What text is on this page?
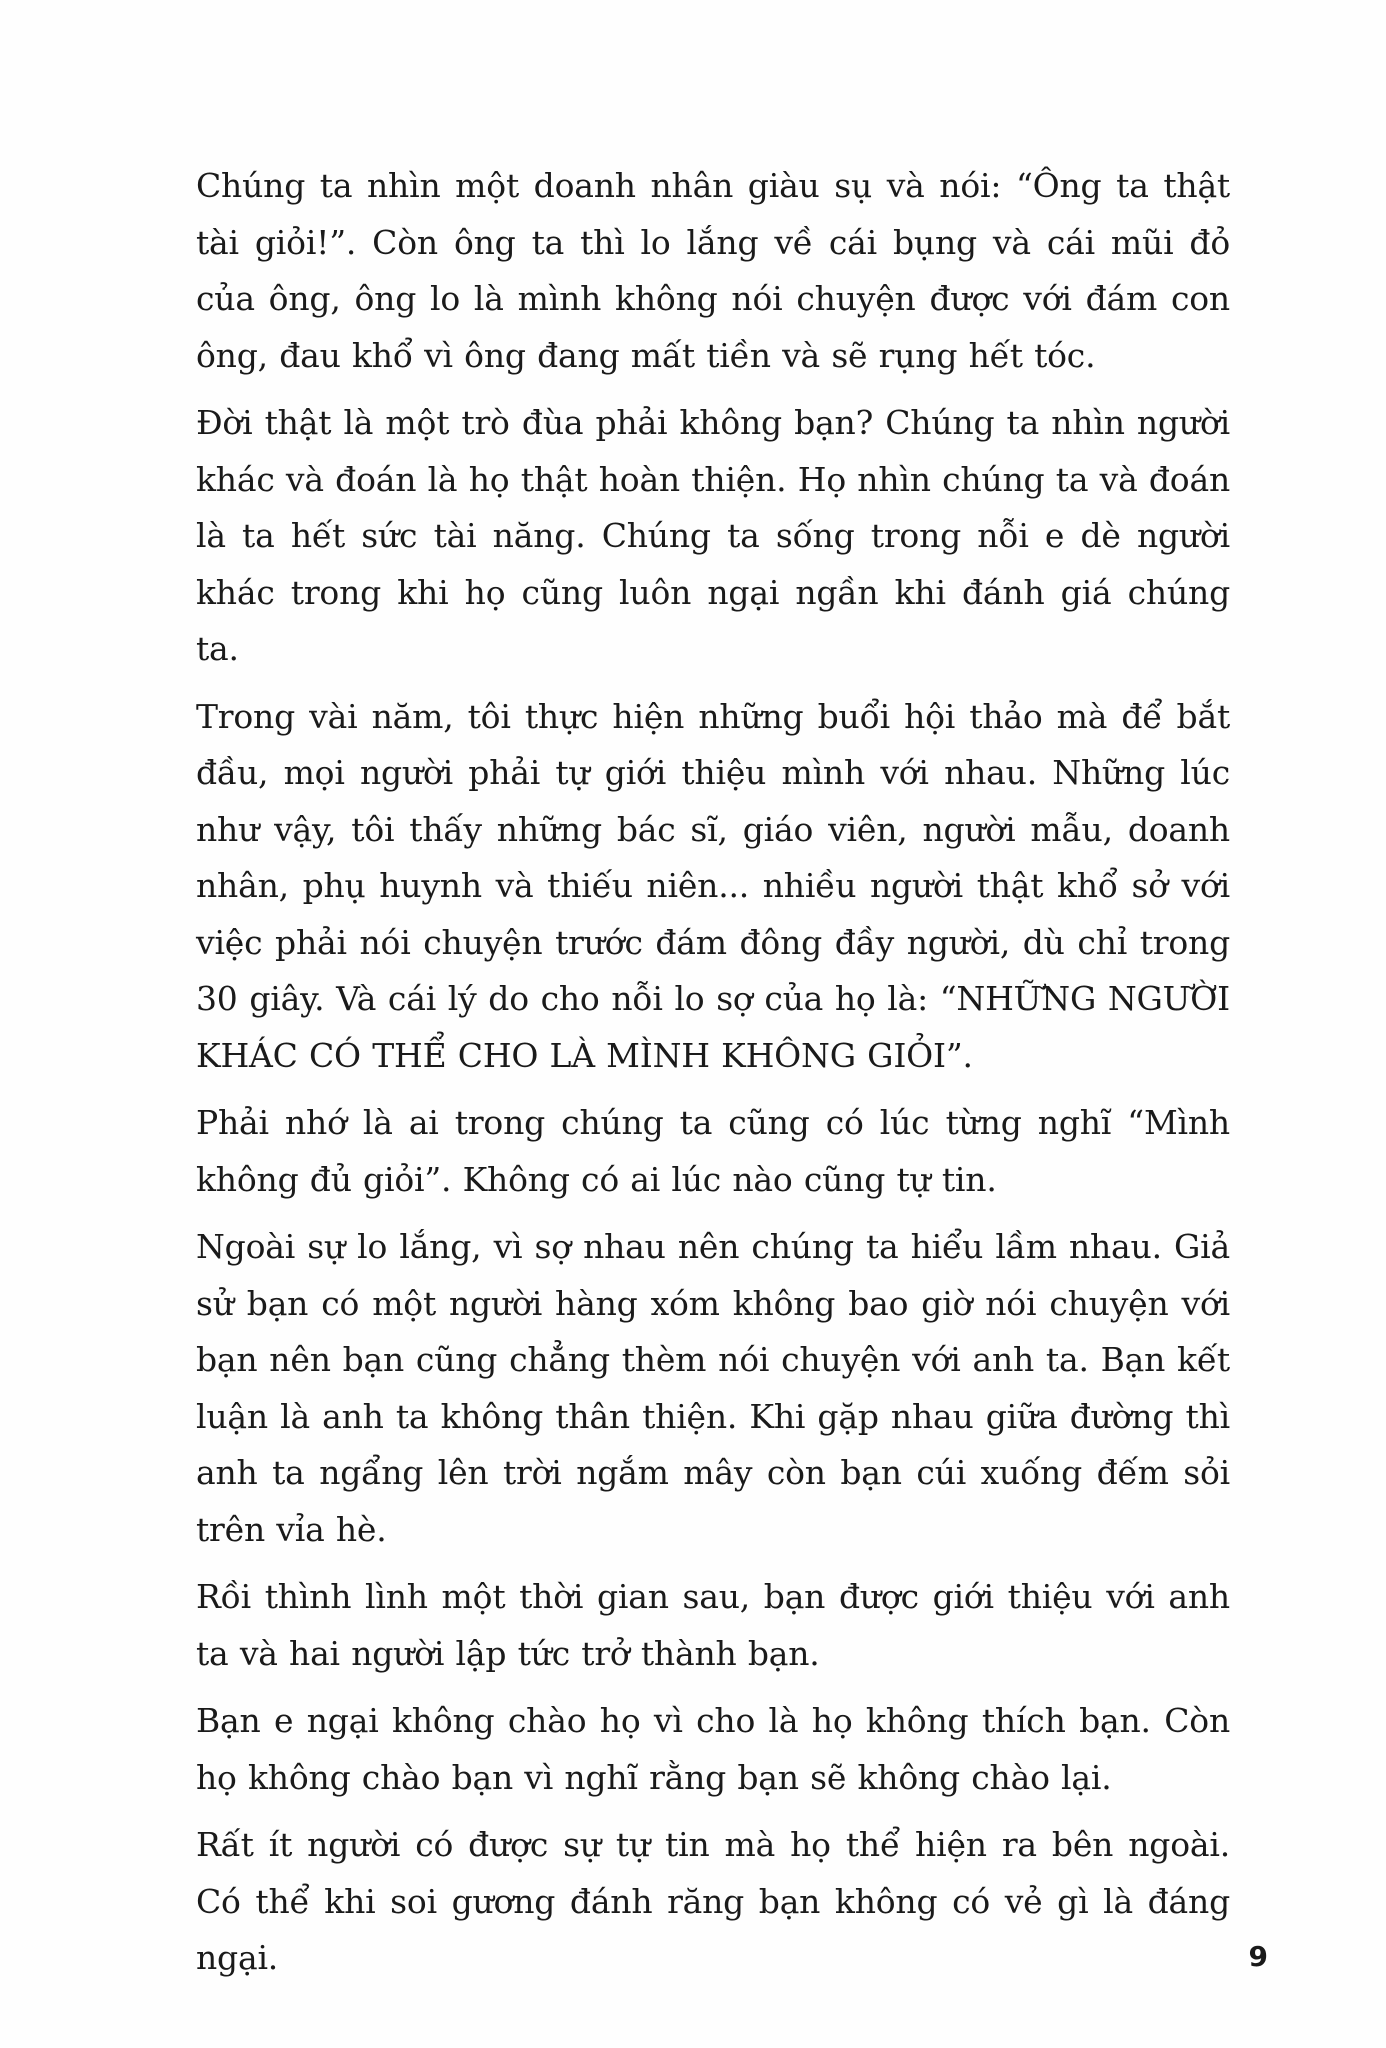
Chúng ta nhìn một doanh nhân giàu sụ và nói: “Ông ta thật tài giỏi!”. Còn ông ta thì lo lắng về cái bụng và cái mũi đỏ của ông, ông lo là mình không nói chuyện được với đám con ông, đau khổ vì ông đang mất tiền và sẽ rụng hết tóc.

Đời thật là một trò đùa phải không bạn? Chúng ta nhìn người khác và đoán là họ thật hoàn thiện. Họ nhìn chúng ta và đoán là ta hết sức tài năng. Chúng ta sống trong nỗi e dè người khác trong khi họ cũng luôn ngại ngần khi đánh giá chúng ta.

Trong vài năm, tôi thực hiện những buổi hội thảo mà để bắt đầu, mọi người phải tự giới thiệu mình với nhau. Những lúc như vậy, tôi thấy những bác sĩ, giáo viên, người mẫu, doanh nhân, phụ huynh và thiếu niên... nhiều người thật khổ sở với việc phải nói chuyện trước đám đông đầy người, dù chỉ trong 30 giây. Và cái lý do cho nỗi lo sợ của họ là: “NHỮNG NGƯỜI KHÁC CÓ THỂ CHO LÀ MÌNH KHÔNG GIỎI”.

Phải nhớ là ai trong chúng ta cũng có lúc từng nghĩ “Mình không đủ giỏi”. Không có ai lúc nào cũng tự tin.

Ngoài sự lo lắng, vì sợ nhau nên chúng ta hiểu lầm nhau. Giả sử bạn có một người hàng xóm không bao giờ nói chuyện với bạn nên bạn cũng chẳng thèm nói chuyện với anh ta. Bạn kết luận là anh ta không thân thiện. Khi gặp nhau giữa đường thì anh ta ngẩng lên trời ngắm mây còn bạn cúi xuống đếm sỏi trên vỉa hè.

Rồi thình lình một thời gian sau, bạn được giới thiệu với anh ta và hai người lập tức trở thành bạn.

Bạn e ngại không chào họ vì cho là họ không thích bạn. Còn họ không chào bạn vì nghĩ rằng bạn sẽ không chào lại.

Rất ít người có được sự tự tin mà họ thể hiện ra bên ngoài. Có thể khi soi gương đánh răng bạn không có vẻ gì là đáng ngại.	9
